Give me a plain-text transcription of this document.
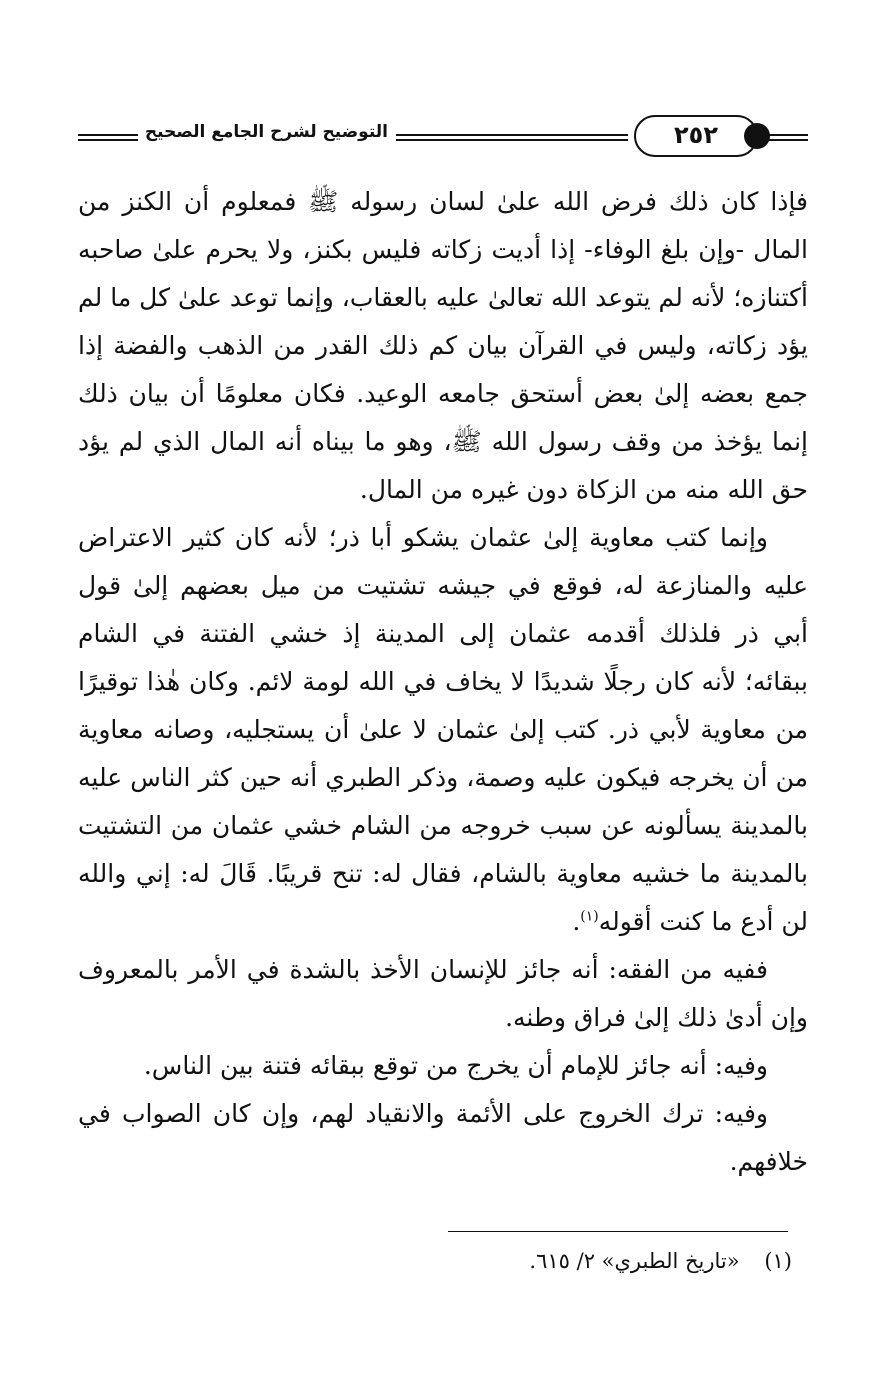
التوضيح لشرح الجامع الصحيح	٢٥٢

فإذا كان ذلك فرض الله علىٰ لسان رسوله ﷺ فمعلوم أن الكنز من المال -وإن بلغ الوفاء- إذا أديت زكاته فليس بكنز، ولا يحرم علىٰ صاحبه أكتنازه؛ لأنه لم يتوعد الله تعالىٰ عليه بالعقاب، وإنما توعد علىٰ كل ما لم يؤد زكاته، وليس في القرآن بيان كم ذلك القدر من الذهب والفضة إذا جمع بعضه إلىٰ بعض أستحق جامعه الوعيد. فكان معلومًا أن بيان ذلك إنما يؤخذ من وقف رسول الله ﷺ، وهو ما بيناه أنه المال الذي لم يؤد حق الله منه من الزكاة دون غيره من المال.

وإنما كتب معاوية إلىٰ عثمان يشكو أبا ذر؛ لأنه كان كثير الاعتراض عليه والمنازعة له، فوقع في جيشه تشتيت من ميل بعضهم إلىٰ قول أبي ذر فلذلك أقدمه عثمان إلى المدينة إذ خشي الفتنة في الشام ببقائه؛ لأنه كان رجلًا شديدًا لا يخاف في الله لومة لائم. وكان هٰذا توقيرًا من معاوية لأبي ذر. كتب إلىٰ عثمان لا علىٰ أن يستجليه، وصانه معاوية من أن يخرجه فيكون عليه وصمة، وذكر الطبري أنه حين كثر الناس عليه بالمدينة يسألونه عن سبب خروجه من الشام خشي عثمان من التشتيت بالمدينة ما خشيه معاوية بالشام، فقال له: تنح قريبًا. قَالَ له: إني والله لن أدع ما كنت أقوله$^{(١)}$.

ففيه من الفقه: أنه جائز للإنسان الأخذ بالشدة في الأمر بالمعروف وإن أدىٰ ذلك إلىٰ فراق وطنه.

وفيه: أنه جائز للإمام أن يخرج من توقع ببقائه فتنة بين الناس.

وفيه: ترك الخروج على الأئمة والانقياد لهم، وإن كان الصواب في خلافهم.

(١) «تاريخ الطبري» ٢/ ٦١٥.
